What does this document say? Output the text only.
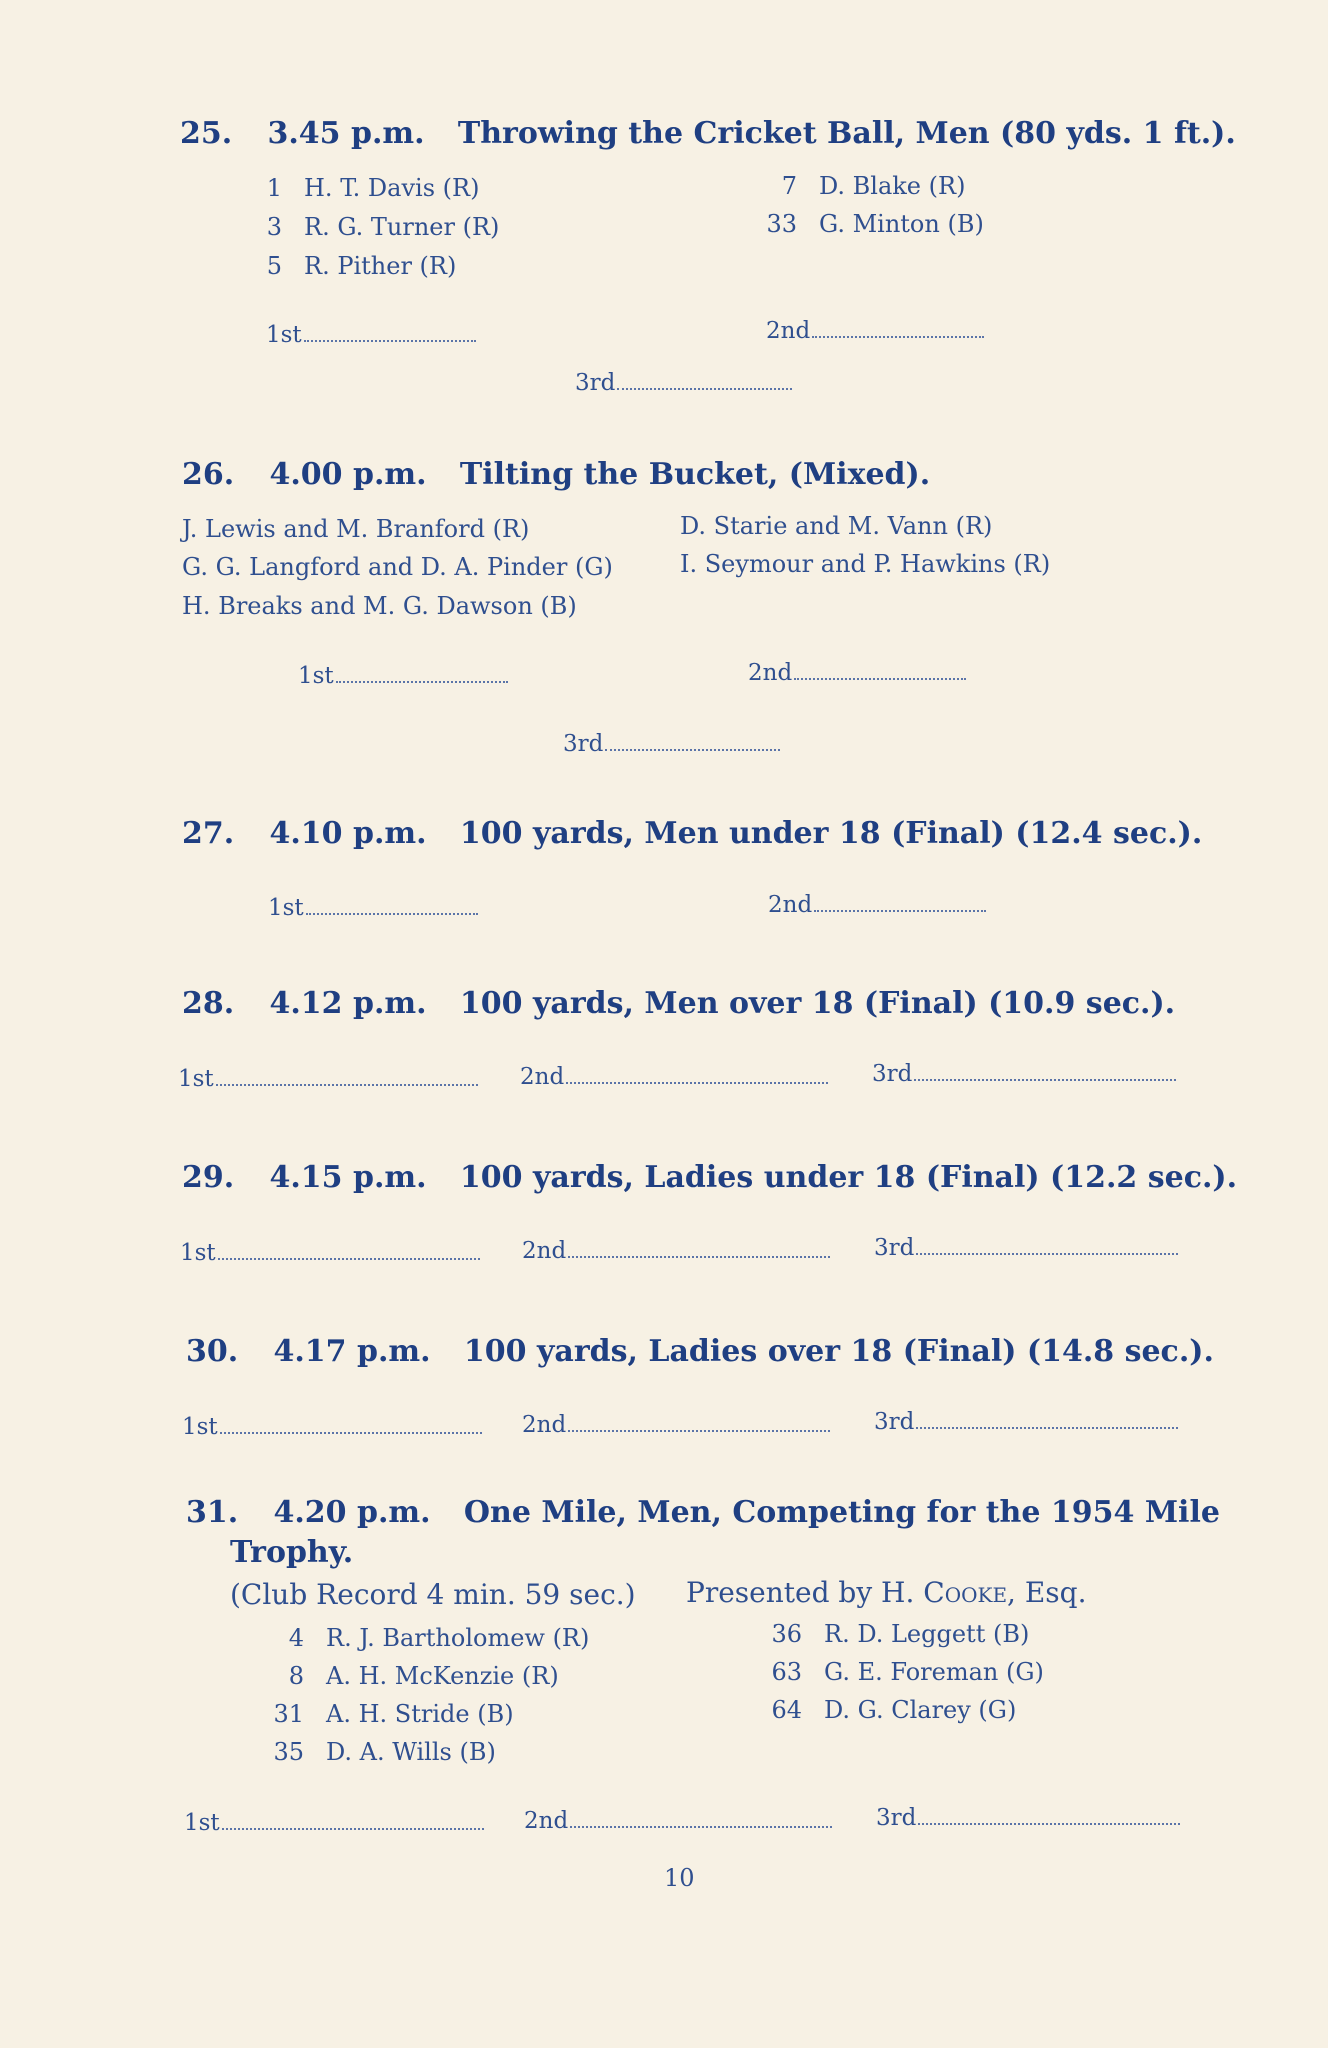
25. 3.45 p.m. Throwing the Cricket Ball, Men (80 yds. 1 ft.).
1 H. T. Davis (R)
3 R. G. Turner (R)
5 R. Pither (R)
7 D. Blake (R)
33 G. Minton (B)
1st	2nd
3rd
26. 4.00 p.m. Tilting the Bucket, (Mixed).
J. Lewis and M. Branford (R)
G. G. Langford and D. A. Pinder (G)
H. Breaks and M. G. Dawson (B)
D. Starie and M. Vann (R)
I. Seymour and P. Hawkins (R)
1st	2nd
3rd
27. 4.10 p.m. 100 yards, Men under 18 (Final) (12.4 sec.).
1st	2nd
28. 4.12 p.m. 100 yards, Men over 18 (Final) (10.9 sec.).
1st	2nd	3rd
29. 4.15 p.m. 100 yards, Ladies under 18 (Final) (12.2 sec.).
1st	2nd	3rd
30. 4.17 p.m. 100 yards, Ladies over 18 (Final) (14.8 sec.).
1st	2nd	3rd
31. 4.20 p.m. One Mile, Men, Competing for the 1954 Mile
Trophy.
(Club Record 4 min. 59 sec.) Presented by H. Cooke, Esq.
4 R. J. Bartholomew (R)
8 A. H. McKenzie (R)
31 A. H. Stride (B)
35 D. A. Wills (B)
36 R. D. Leggett (B)
63 G. E. Foreman (G)
64 D. G. Clarey (G)
1st	2nd	3rd
10
